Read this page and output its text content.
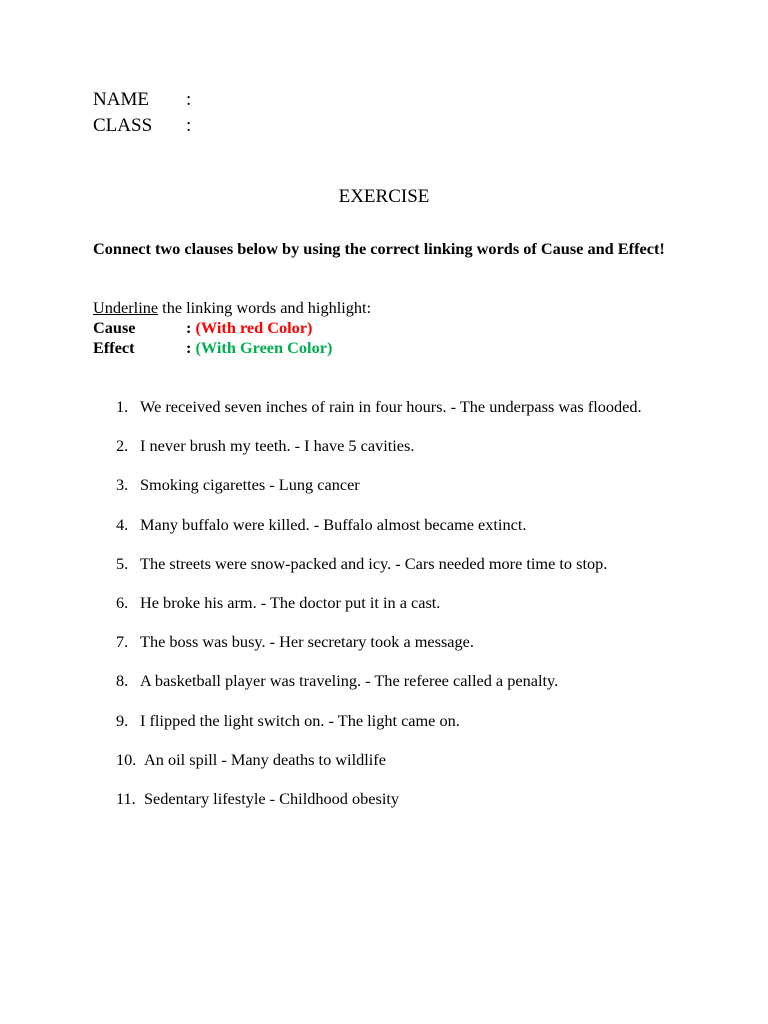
NAME :
CLASS :
EXERCISE
Connect two clauses below by using the correct linking words of Cause and Effect!
Underline the linking words and highlight:
Cause	: (With red Color)
Effect	: (With Green Color)
1. We received seven inches of rain in four hours. - The underpass was flooded.
2. I never brush my teeth. - I have 5 cavities.
3. Smoking cigarettes - Lung cancer
4. Many buffalo were killed. - Buffalo almost became extinct.
5. The streets were snow-packed and icy. - Cars needed more time to stop.
6. He broke his arm. - The doctor put it in a cast.
7. The boss was busy. - Her secretary took a message.
8. A basketball player was traveling. - The referee called a penalty.
9. I flipped the light switch on. - The light came on.
10. An oil spill - Many deaths to wildlife
11. Sedentary lifestyle - Childhood obesity
